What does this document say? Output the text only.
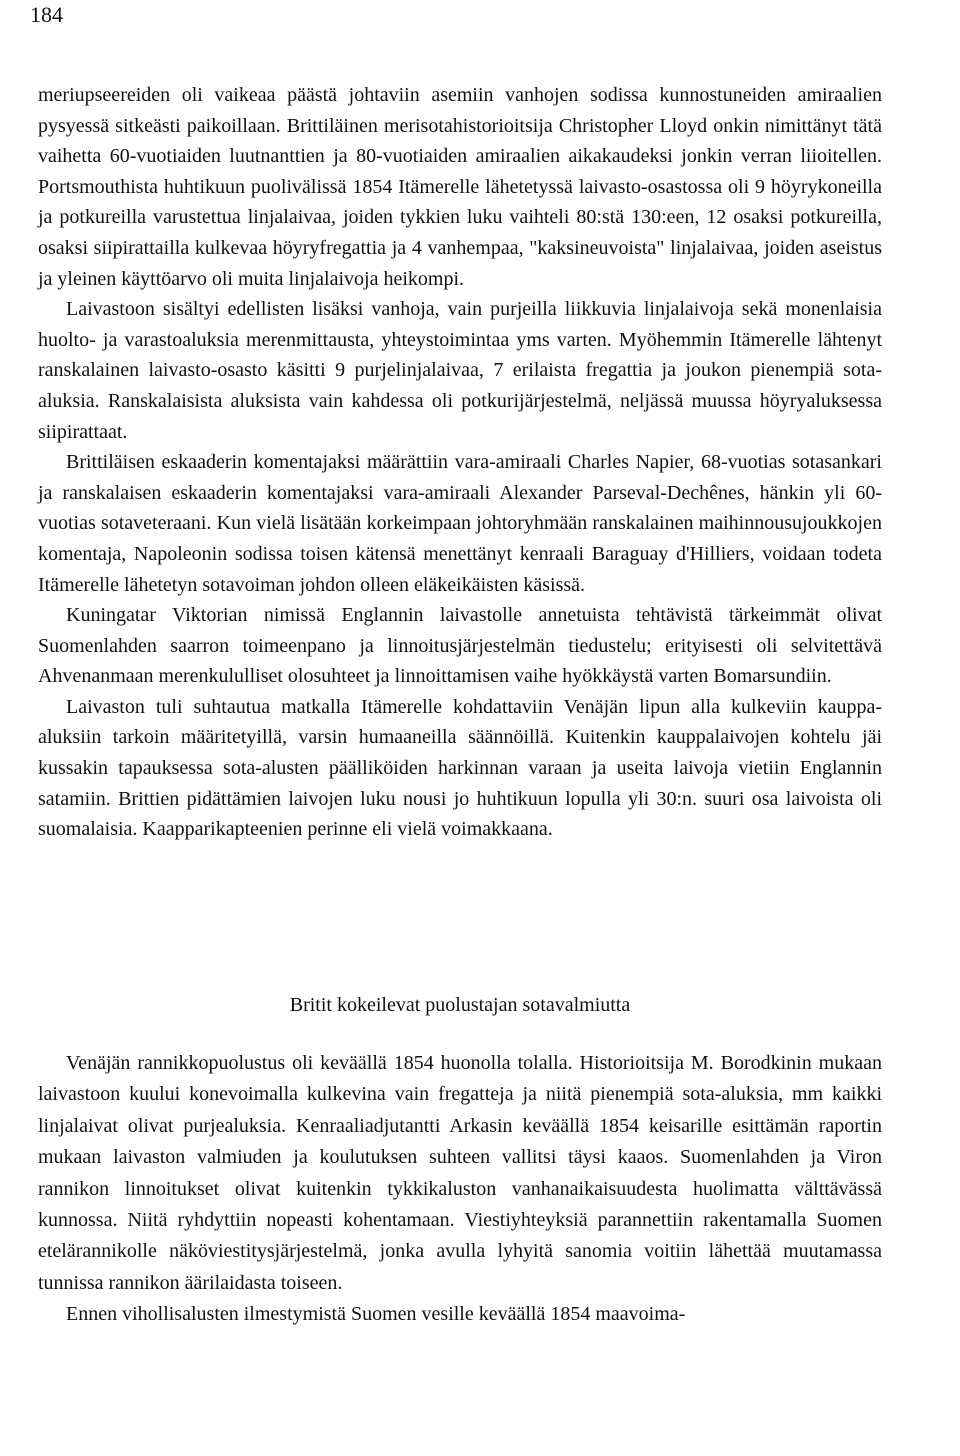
184

meriupseereiden oli vaikeaa päästä johtaviin asemiin vanhojen sodissa kunnostuneiden amiraalien pysyessä sitkeästi paikoillaan. Brittiläinen merisotahistorioitsija Christopher Lloyd onkin nimittänyt tätä vaihetta 60-vuotiaiden luutnanttien ja 80-vuotiaiden amiraalien aikakaudeksi jonkin verran liioitellen. Portsmouthista huhtikuun puolivälissä 1854 Itämerelle lähetetyssä laivasto-osastossa oli 9 höyrykoneilla ja potkureilla varustettua linjalaivaa, joiden tykkien luku vaihteli 80:stä 130:een, 12 osaksi potkureilla, osaksi siipirattailla kulkevaa höyryfregattia ja 4 vanhempaa, "kaksineuvoista" linjalaivaa, joiden aseistus ja yleinen käyttöarvo oli muita linjalaivoja heikompi.

Laivastoon sisältyi edellisten lisäksi vanhoja, vain purjeilla liikkuvia linjalaivoja sekä monenlaisia huolto- ja varastoaluksia merenmittausta, yhteystoimintaa yms varten. Myöhemmin Itämerelle lähtenyt ranskalainen laivasto-osasto käsitti 9 purjelinjalaivaa, 7 erilaista fregattia ja joukon pienempiä sota-aluksia. Ranskalaisista aluksista vain kahdessa oli potkurijärjestelmä, neljässä muussa höyryaluksessa siipirattaat.

Brittiläisen eskaaderin komentajaksi määrättiin vara-amiraali Charles Napier, 68-vuotias sotasankari ja ranskalaisen eskaaderin komentajaksi vara-amiraali Alexander Parseval-Dechênes, hänkin yli 60-vuotias sotaveteraani. Kun vielä lisätään korkeimpaan johtoryhmään ranskalainen maihinnousujoukkojen komentaja, Napoleonin sodissa toisen kätensä menettänyt kenraali Baraguay d'Hilliers, voidaan todeta Itämerelle lähetetyn sotavoiman johdon olleen eläkeikäisten käsissä.

Kuningatar Viktorian nimissä Englannin laivastolle annetuista tehtävistä tärkeimmät olivat Suomenlahden saarron toimeenpano ja linnoitusjärjestelmän tiedustelu; erityisesti oli selvitettävä Ahvenanmaan merenkululliset olosuhteet ja linnoittamisen vaihe hyökkäystä varten Bomarsundiin.

Laivaston tuli suhtautua matkalla Itämerelle kohdattaviin Venäjän lipun alla kulkeviin kauppa-aluksiin tarkoin määritetyillä, varsin humaaneilla säännöillä. Kuitenkin kauppalaivojen kohtelu jäi kussakin tapauksessa sota-alusten päälliköiden harkinnan varaan ja useita laivoja vietiin Englannin satamiin. Brittien pidättämien laivojen luku nousi jo huhtikuun lopulla yli 30:n. suuri osa laivoista oli suomalaisia. Kaapparikapteenien perinne eli vielä voimakkaana.

Britit kokeilevat puolustajan sotavalmiutta

Venäjän rannikkopuolustus oli keväällä 1854 huonolla tolalla. Historioitsija M. Borodkinin mukaan laivastoon kuului konevoimalla kulkevina vain fregatteja ja niitä pienempiä sota-aluksia, mm kaikki linjalaivat olivat purjealuksia. Kenraaliadjutantti Arkasin keväällä 1854 keisarille esittämän raportin mukaan laivaston valmiuden ja koulutuksen suhteen vallitsi täysi kaaos. Suomenlahden ja Viron rannikon linnoitukset olivat kuitenkin tykkikaluston vanhanaikaisuudesta huolimatta välttävässä kunnossa. Niitä ryhdyttiin nopeasti kohentamaan. Viestiyhteyksiä parannettiin rakentamalla Suomen etelärannikolle näköviestitysjärjestelmä, jonka avulla lyhyitä sanomia voitiin lähettää muutamassa tunnissa rannikon äärilaidasta toiseen.

Ennen vihollisalusten ilmestymistä Suomen vesille keväällä 1854 maavoima-
